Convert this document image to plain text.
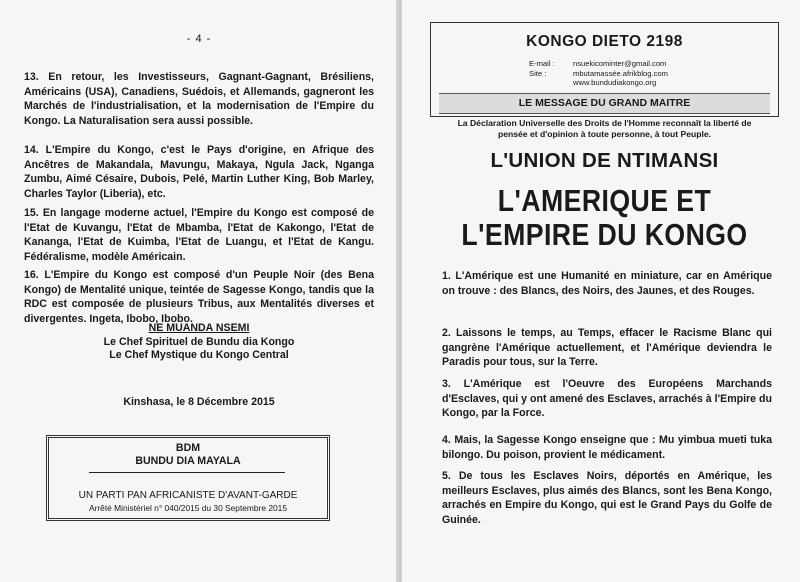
- 4 -

13. En retour, les Investisseurs, Gagnant-Gagnant, Brésiliens, Américains (USA), Canadiens, Suédois, et Allemands, gagneront les Marchés de l'industrialisation, et la modernisation de l'Empire du Kongo. La Naturalisation sera aussi possible.

14. L'Empire du Kongo, c'est le Pays d'origine, en Afrique des Ancêtres de Makandala, Mavungu, Makaya, Ngula Jack, Nganga Zumbu, Aimé Césaire, Dubois, Pelé, Martin Luther King, Bob Marley, Charles Taylor (Liberia), etc.

15. En langage moderne actuel, l'Empire du Kongo est composé de l'Etat de Kuvangu, l'Etat de Mbamba, l'Etat de Kakongo, l'Etat de Kananga, l'Etat de Kuimba, l'Etat de Luangu, et l'Etat de Kangu. Fédéralisme, modèle Américain.

16. L'Empire du Kongo est composé d'un Peuple Noir (des Bena Kongo) de Mentalité unique, teintée de Sagesse Kongo, tandis que la RDC est composée de plusieurs Tribus, aux Mentalités diverses et divergentes. Ingeta, Ibobo, Ibobo.

NE MUANDA NSEMI
Le Chef Spirituel de Bundu dia Kongo
Le Chef Mystique du Kongo Central
Kinshasa, le 8 Décembre 2015
BDM
BUNDU DIA MAYALA
UN PARTI PAN AFRICANISTE D'AVANT-GARDE
Arrêté Ministériel n° 040/2015 du 30 Septembre 2015
KONGO DIETO 2198
E-mail : nsuekicominter@gmail.com
Site :	mbutamassée.afrikblog.com
www.bundudiakongo.org
LE MESSAGE DU GRAND MAITRE
La Déclaration Universelle des Droits de l'Homme reconnaît la liberté de pensée et d'opinion à toute personne, à tout Peuple.
L'UNION DE NTIMANSI
L'AMERIQUE ET
L'EMPIRE DU KONGO

1. L'Amérique est une Humanité en miniature, car en Amérique on trouve : des Blancs, des Noirs, des Jaunes, et des Rouges.

2. Laissons le temps, au Temps, effacer le Racisme Blanc qui gangrène l'Amérique actuellement, et l'Amérique deviendra le Paradis pour tous, sur la Terre.

3. L'Amérique est l'Oeuvre des Européens Marchands d'Esclaves, qui y ont amené des Esclaves, arrachés à l'Empire du Kongo, par la Force.

4. Mais, la Sagesse Kongo enseigne que : Mu yimbua mueti tuka bilongo. Du poison, provient le médicament.

5. De tous les Esclaves Noirs, déportés en Amérique, les meilleurs Esclaves, plus aimés des Blancs, sont les Bena Kongo, arrachés en Empire du Kongo, qui est le Grand Pays du Golfe de Guinée.
